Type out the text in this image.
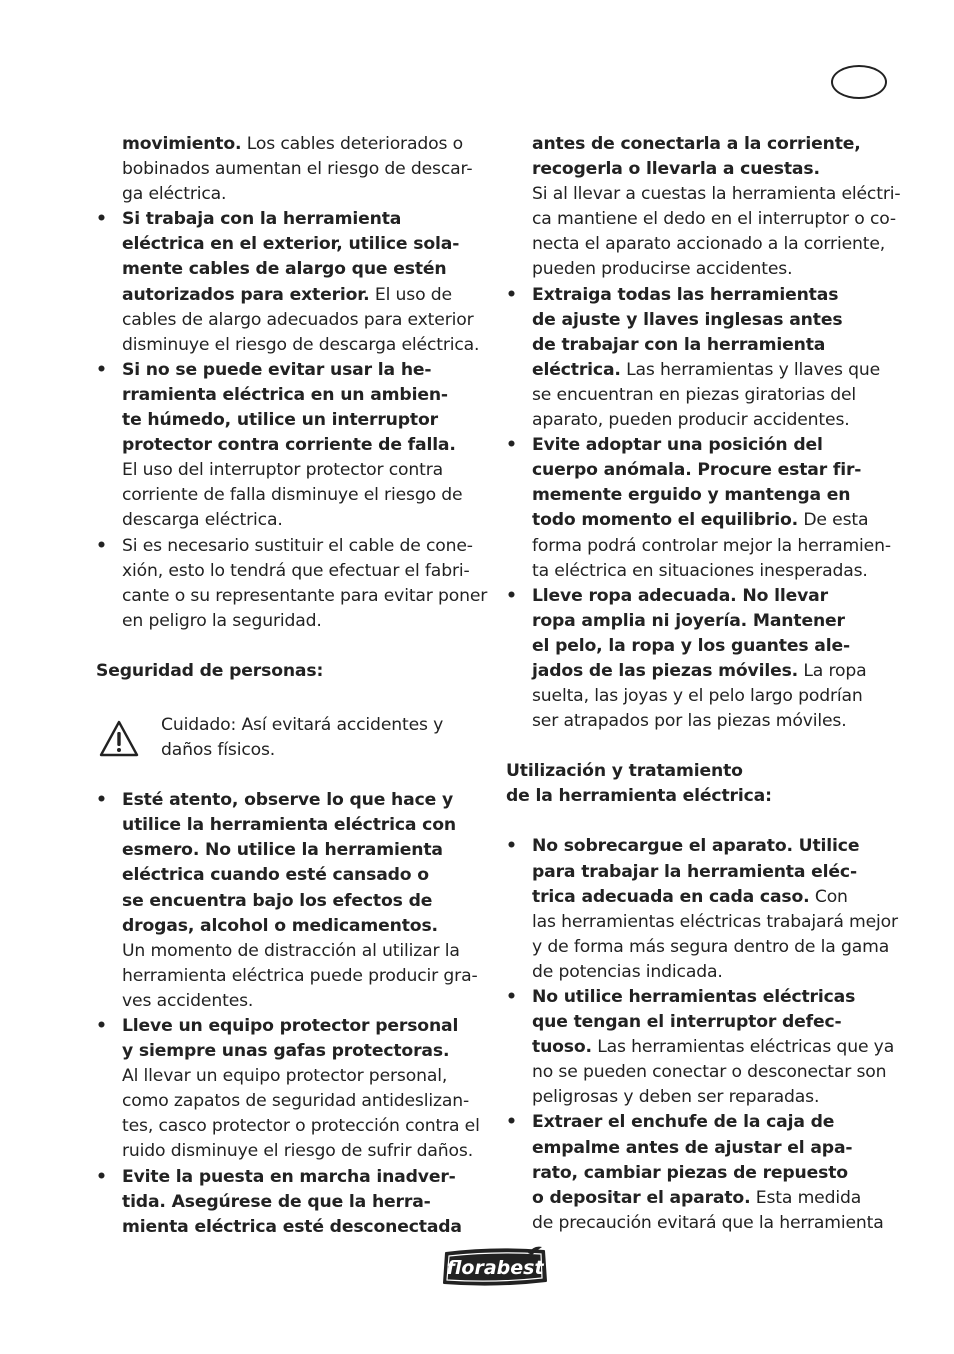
movimiento. Los cables deteriorados o
bobinados aumentan el riesgo de descar-
ga eléctrica.
• Si trabaja con la herramienta
eléctrica en el exterior, utilice sola-
mente cables de alargo que estén
autorizados para exterior. El uso de
cables de alargo adecuados para exterior
disminuye el riesgo de descarga eléctrica.
• Si no se puede evitar usar la he-
rramienta eléctrica en un ambien-
te húmedo, utilice un interruptor
protector contra corriente de falla.
El uso del interruptor protector contra
corriente de falla disminuye el riesgo de
descarga eléctrica.
• Si es necesario sustituir el cable de cone-
xión, esto lo tendrá que efectuar el fabri-
cante o su representante para evitar poner
en peligro la seguridad.
Seguridad de personas:
Cuidado: Así evitará accidentes y
daños físicos.
• Esté atento, observe lo que hace y
utilice la herramienta eléctrica con
esmero. No utilice la herramienta
eléctrica cuando esté cansado o
se encuentra bajo los efectos de
drogas, alcohol o medicamentos.
Un momento de distracción al utilizar la
herramienta eléctrica puede producir gra-
ves accidentes.
• Lleve un equipo protector personal
y siempre unas gafas protectoras.
Al llevar un equipo protector personal,
como zapatos de seguridad antideslizan-
tes, casco protector o protección contra el
ruido disminuye el riesgo de sufrir daños.
• Evite la puesta en marcha inadver-
tida. Asegúrese de que la herra-
mienta eléctrica esté desconectada
antes de conectarla a la corriente,
recogerla o llevarla a cuestas.
Si al llevar a cuestas la herramienta eléctri-
ca mantiene el dedo en el interruptor o co-
necta el aparato accionado a la corriente,
pueden producirse accidentes.
• Extraiga todas las herramientas
de ajuste y llaves inglesas antes
de trabajar con la herramienta
eléctrica. Las herramientas y llaves que
se encuentran en piezas giratorias del
aparato, pueden producir accidentes.
• Evite adoptar una posición del
cuerpo anómala. Procure estar fir-
memente erguido y mantenga en
todo momento el equilibrio. De esta
forma podrá controlar mejor la herramien-
ta eléctrica en situaciones inesperadas.
• Lleve ropa adecuada. No llevar
ropa amplia ni joyería. Mantener
el pelo, la ropa y los guantes ale-
jados de las piezas móviles. La ropa
suelta, las joyas y el pelo largo podrían
ser atrapados por las piezas móviles.
Utilización y tratamiento
de la herramienta eléctrica:
• No sobrecargue el aparato. Utilice
para trabajar la herramienta eléc-
trica adecuada en cada caso. Con
las herramientas eléctricas trabajará mejor
y de forma más segura dentro de la gama
de potencias indicada.
• No utilice herramientas eléctricas
que tengan el interruptor defec-
tuoso. Las herramientas eléctricas que ya
no se pueden conectar o desconectar son
peligrosas y deben ser reparadas.
• Extraer el enchufe de la caja de
empalme antes de ajustar el apa-
rato, cambiar piezas de repuesto
o depositar el aparato. Esta medida
de precaución evitará que la herramienta
florabest
